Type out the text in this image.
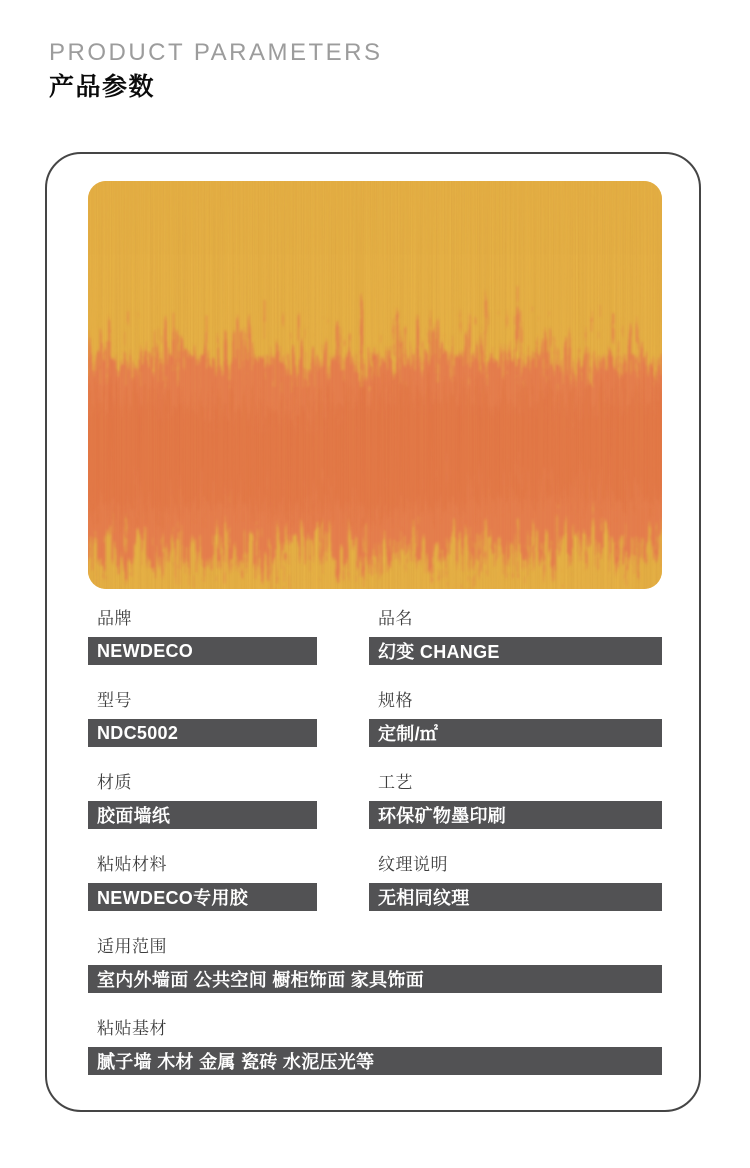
PRODUCT PARAMETERS
产品参数
品牌
NEWDECO
品名
幻变 CHANGE
型号
NDC5002
规格
定制/㎡
材质
胶面墙纸
工艺
环保矿物墨印刷
粘贴材料
NEWDECO专用胶
纹理说明
无相同纹理
适用范围
室内外墙面 公共空间 橱柜饰面 家具饰面
粘贴基材
腻子墙 木材 金属 瓷砖 水泥压光等
